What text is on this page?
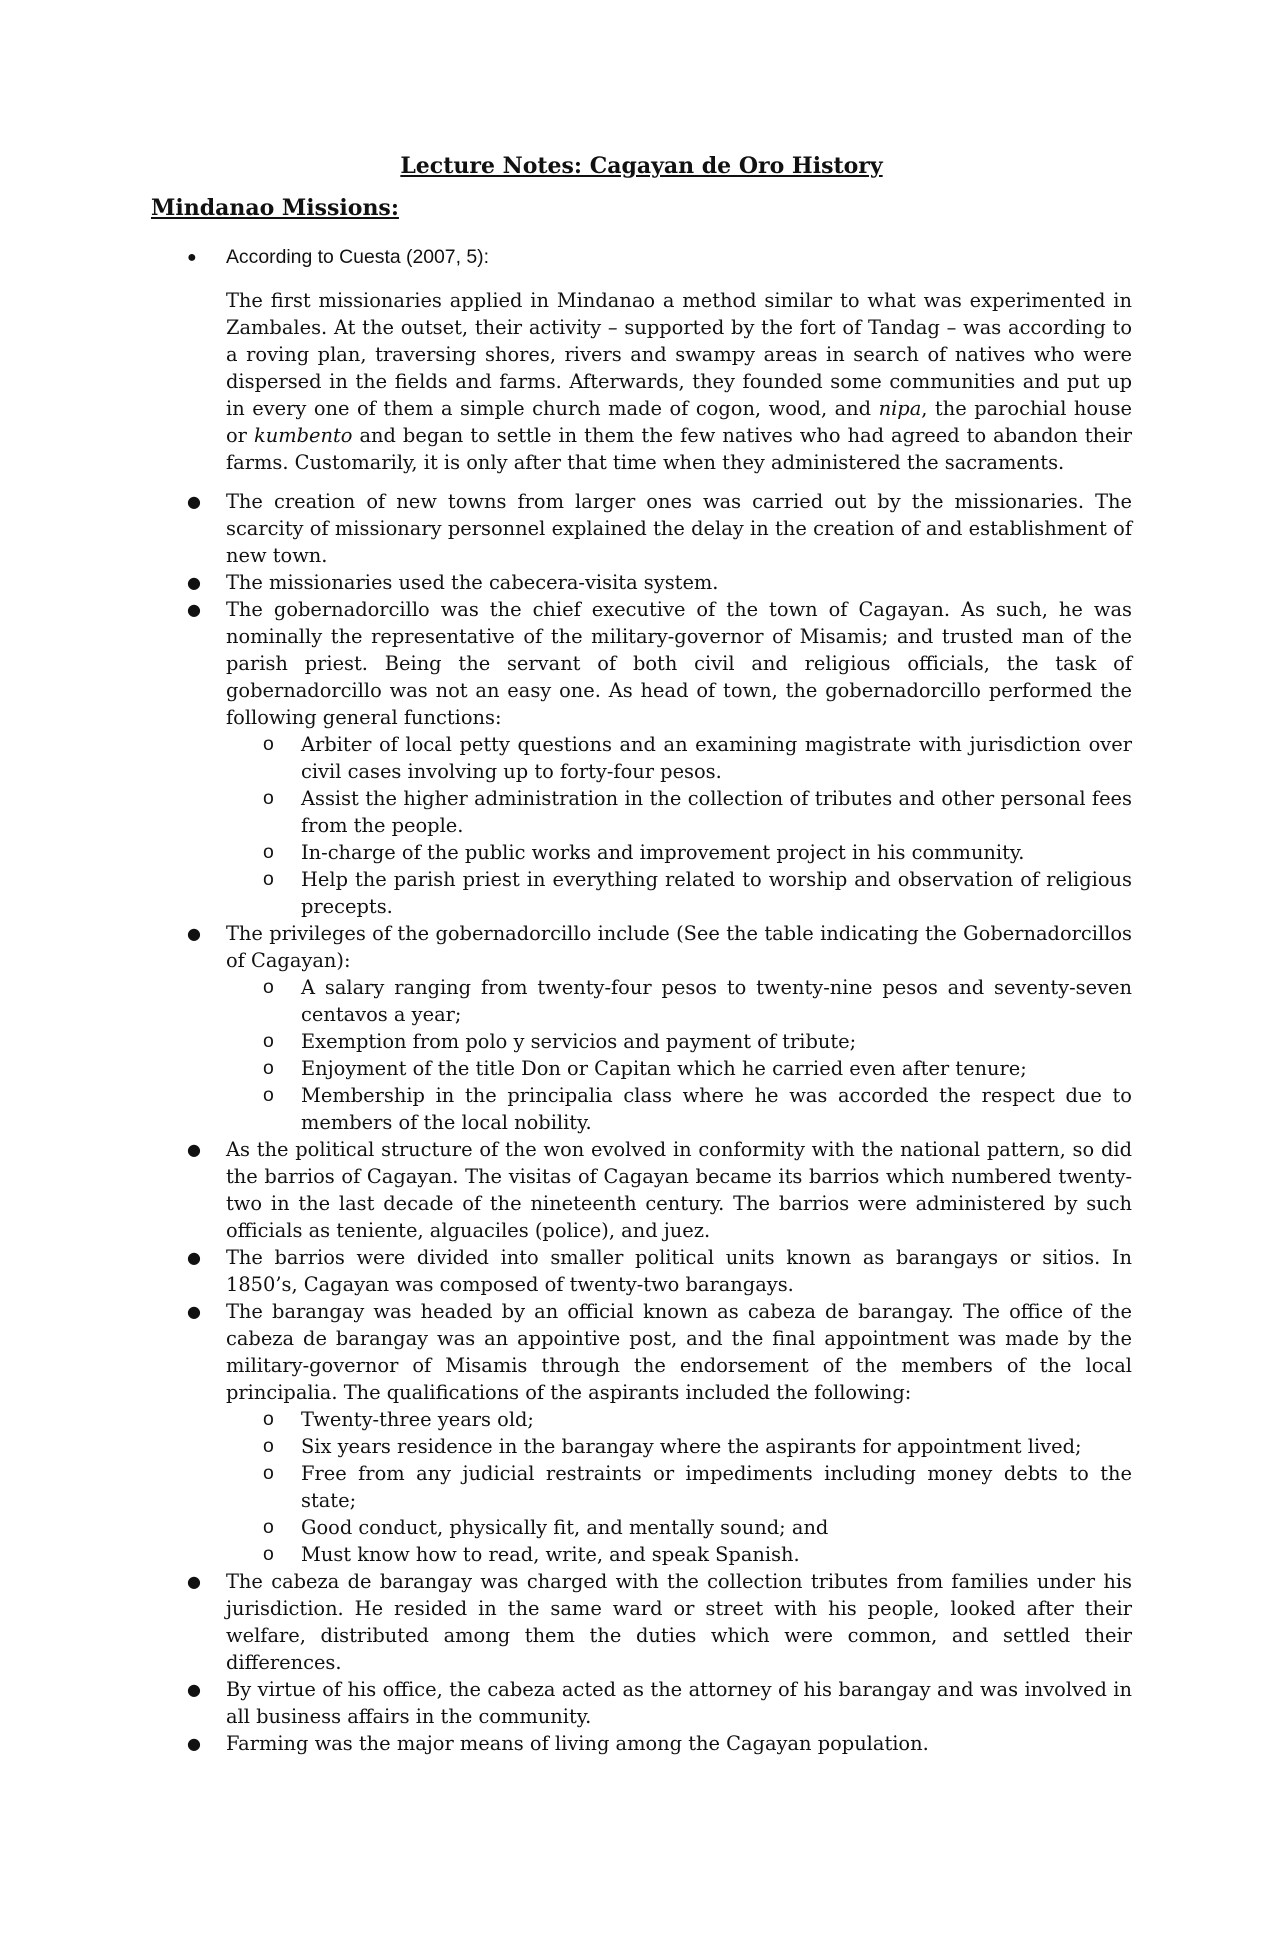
Lecture Notes: Cagayan de Oro History
Mindanao Missions:
● According to Cuesta (2007, 5):

The first missionaries applied in Mindanao a method similar to what was experimented in Zambales. At the outset, their activity – supported by the fort of Tandag – was according to a roving plan, traversing shores, rivers and swampy areas in search of natives who were dispersed in the fields and farms. Afterwards, they founded some communities and put up in every one of them a simple church made of cogon, wood, and nipa, the parochial house or kumbento and began to settle in them the few natives who had agreed to abandon their farms. Customarily, it is only after that time when they administered the sacraments.

● The creation of new towns from larger ones was carried out by the missionaries. The scarcity of missionary personnel explained the delay in the creation of and establishment of new town.
● The missionaries used the cabecera-visita system.
● The gobernadorcillo was the chief executive of the town of Cagayan. As such, he was nominally the representative of the military-governor of Misamis; and trusted man of the parish priest. Being the servant of both civil and religious officials, the task of gobernadorcillo was not an easy one. As head of town, the gobernadorcillo performed the following general functions:
o Arbiter of local petty questions and an examining magistrate with jurisdiction over civil cases involving up to forty-four pesos.
o Assist the higher administration in the collection of tributes and other personal fees from the people.
o In-charge of the public works and improvement project in his community.
o Help the parish priest in everything related to worship and observation of religious precepts.
● The privileges of the gobernadorcillo include (See the table indicating the Gobernadorcillos of Cagayan):
o A salary ranging from twenty-four pesos to twenty-nine pesos and seventy-seven centavos a year;
o Exemption from polo y servicios and payment of tribute;
o Enjoyment of the title Don or Capitan which he carried even after tenure;
o Membership in the principalia class where he was accorded the respect due to members of the local nobility.
● As the political structure of the won evolved in conformity with the national pattern, so did the barrios of Cagayan. The visitas of Cagayan became its barrios which numbered twenty-two in the last decade of the nineteenth century. The barrios were administered by such officials as teniente, alguaciles (police), and juez.
● The barrios were divided into smaller political units known as barangays or sitios. In 1850’s, Cagayan was composed of twenty-two barangays.
● The barangay was headed by an official known as cabeza de barangay. The office of the cabeza de barangay was an appointive post, and the final appointment was made by the military-governor of Misamis through the endorsement of the members of the local principalia. The qualifications of the aspirants included the following:
o Twenty-three years old;
o Six years residence in the barangay where the aspirants for appointment lived;
o Free from any judicial restraints or impediments including money debts to the state;
o Good conduct, physically fit, and mentally sound; and
o Must know how to read, write, and speak Spanish.
● The cabeza de barangay was charged with the collection tributes from families under his jurisdiction. He resided in the same ward or street with his people, looked after their welfare, distributed among them the duties which were common, and settled their differences.
● By virtue of his office, the cabeza acted as the attorney of his barangay and was involved in all business affairs in the community.
● Farming was the major means of living among the Cagayan population.
